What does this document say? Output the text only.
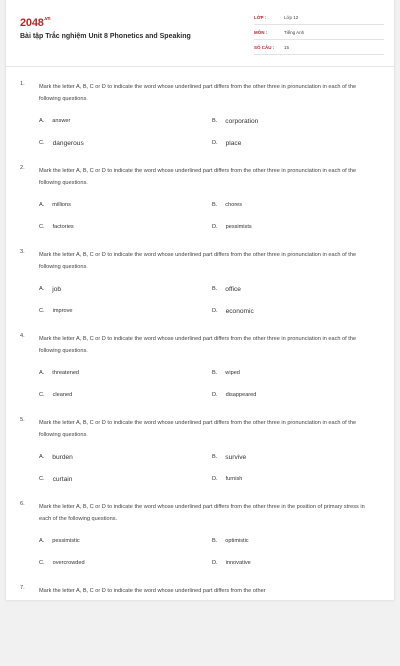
$2048^{.vn}$
Bài tập Trắc nghiệm Unit 8 Phonetics and Speaking
LỚP :	Lớp 12
MÔN :	Tiếng Anh
SỐ CÂU : 15
1.	Mark the letter A, B, C or D to indicate the word whose underlined part differs from the other three in pronunciation in each of the following questions.
A. answer	B. corporation
C. dangerous	D. place
2.	Mark the letter A, B, C or D to indicate the word whose underlined part differs from the other three in pronunciation in each of the following questions.
A. millions	B. chores
C. factories	D. pessimists
3.	Mark the letter A, B, C or D to indicate the word whose underlined part differs from the other three in pronunciation in each of the following questions.
A. job	B. office
C. improve	D. economic
4.	Mark the letter A, B, C or D to indicate the word whose underlined part differs from the other three in pronunciation in each of the following questions.
A. threatened	B. wiped
C. cleaned	D. disappeared
5.	Mark the letter A, B, C or D to indicate the word whose underlined part differs from the other three in pronunciation in each of the following questions.
A. burden	B. survive
C. curtain	D. furnish
6.	Mark the letter A, B, C or D to indicate the word whose underlined part differs from the other three in the position of primary stress in each of the following questions.
A. pessimistic	B. optimistic
C. overcrowded	D. innovative
7.	Mark the letter A, B, C or D to indicate the word whose underlined part differs from the other
